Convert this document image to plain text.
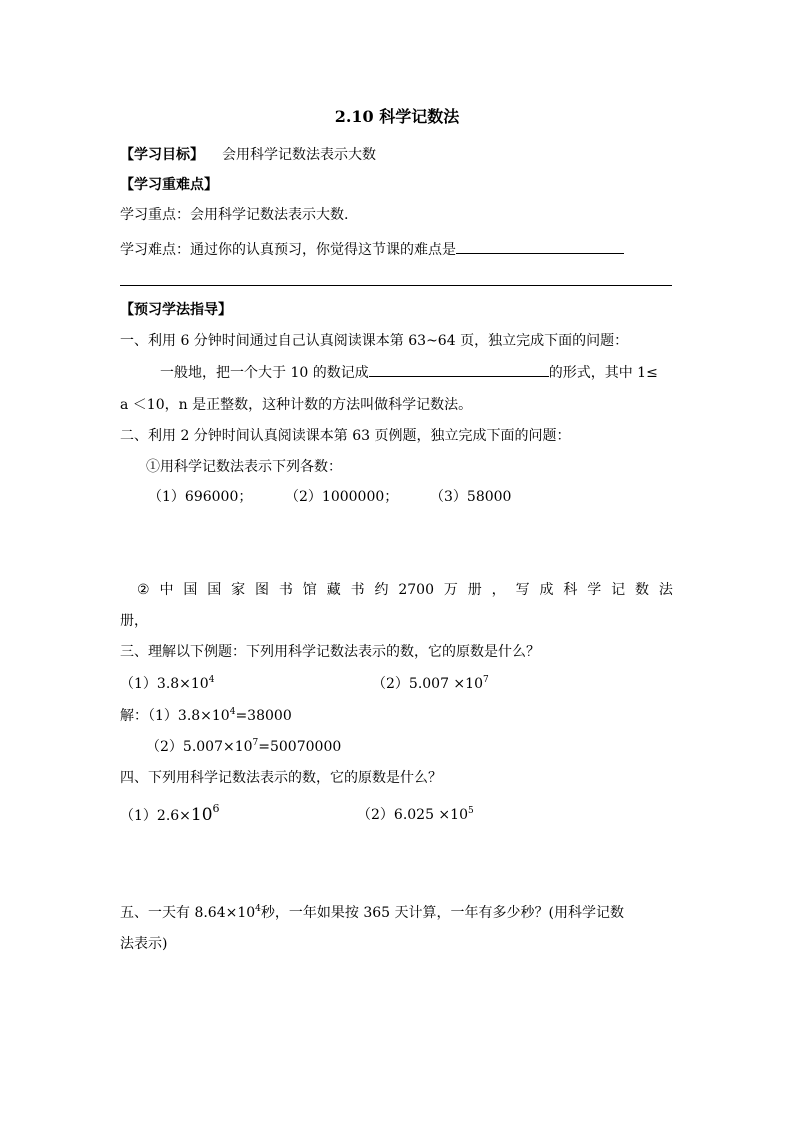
2.10 科学记数法
【学习目标】 会用科学记数法表示大数
【学习重难点】
学习重点：会用科学记数法表示大数.
学习难点：通过你的认真预习，你觉得这节课的难点是
【预习学法指导】
一、利用 6 分钟时间通过自己认真阅读课本第 63~64 页，独立完成下面的问题：
一般地，把一个大于 10 的数记成	的形式，其中 1≤
a ＜10，n 是正整数，这种计数的方法叫做科学记数法。
二、利用 2 分钟时间认真阅读课本第 63 页例题，独立完成下面的问题：
①用科学记数法表示下列各数：
（1）696000； （2）1000000； （3）58000
② 中 国 国 家 图 书 馆 藏 书 约 2700 万 册 ， 写 成 科 学 记 数 法
册，
三、理解以下例题：下列用科学记数法表示的数，它的原数是什么？
$(1)3.8\times 10^4$	$(2)5.007 \times 10^7$
解：$(1)3.8\times 10^4=38000$
$(2)5.007\times 10^7=50070000$
四、下列用科学记数法表示的数，它的原数是什么？
$(1)2.6\times 10^6$	$(2)6.025 \times 10^5$
五、一天有 $8.64\times 10^4$秒，一年如果按 365 天计算，一年有多少秒？(用科学记数
法表示)
